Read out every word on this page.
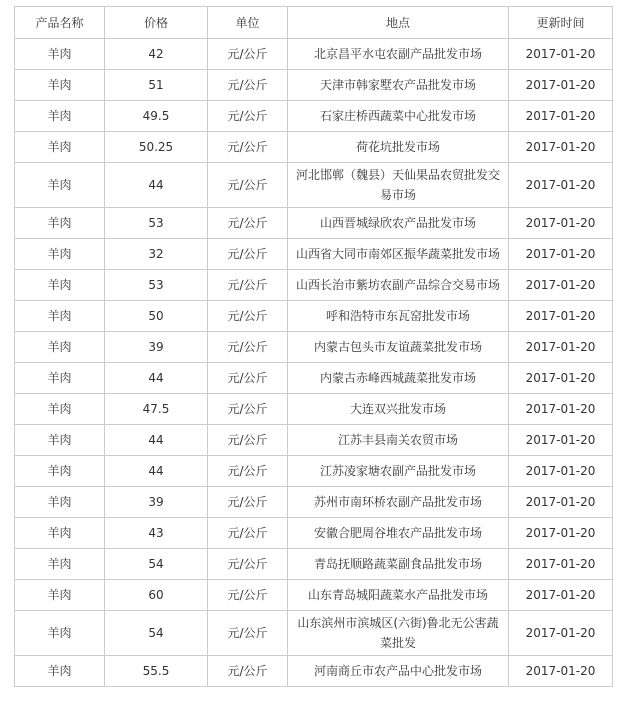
产品名称	价格	单位	地点	更新时间
羊肉	42	元/公斤	北京昌平水屯农副产品批发市场	2017-01-20
羊肉	51	元/公斤	天津市韩家墅农产品批发市场	2017-01-20
羊肉	49.5	元/公斤	石家庄桥西蔬菜中心批发市场	2017-01-20
羊肉	50.25	元/公斤	荷花坑批发市场	2017-01-20
羊肉	44	元/公斤	河北邯郸（魏县）天仙果品农贸批发交易市场	2017-01-20
羊肉	53	元/公斤	山西晋城绿欣农产品批发市场	2017-01-20
羊肉	32	元/公斤	山西省大同市南郊区振华蔬菜批发市场	2017-01-20
羊肉	53	元/公斤	山西长治市紫坊农副产品综合交易市场	2017-01-20
羊肉	50	元/公斤	呼和浩特市东瓦窑批发市场	2017-01-20
羊肉	39	元/公斤	内蒙古包头市友谊蔬菜批发市场	2017-01-20
羊肉	44	元/公斤	内蒙古赤峰西城蔬菜批发市场	2017-01-20
羊肉	47.5	元/公斤	大连双兴批发市场	2017-01-20
羊肉	44	元/公斤	江苏丰县南关农贸市场	2017-01-20
羊肉	44	元/公斤	江苏凌家塘农副产品批发市场	2017-01-20
羊肉	39	元/公斤	苏州市南环桥农副产品批发市场	2017-01-20
羊肉	43	元/公斤	安徽合肥周谷堆农产品批发市场	2017-01-20
羊肉	54	元/公斤	青岛抚顺路蔬菜副食品批发市场	2017-01-20
羊肉	60	元/公斤	山东青岛城阳蔬菜水产品批发市场	2017-01-20
羊肉	54	元/公斤	山东滨州市滨城区(六街)鲁北无公害蔬菜批发	2017-01-20
羊肉	55.5	元/公斤	河南商丘市农产品中心批发市场	2017-01-20
